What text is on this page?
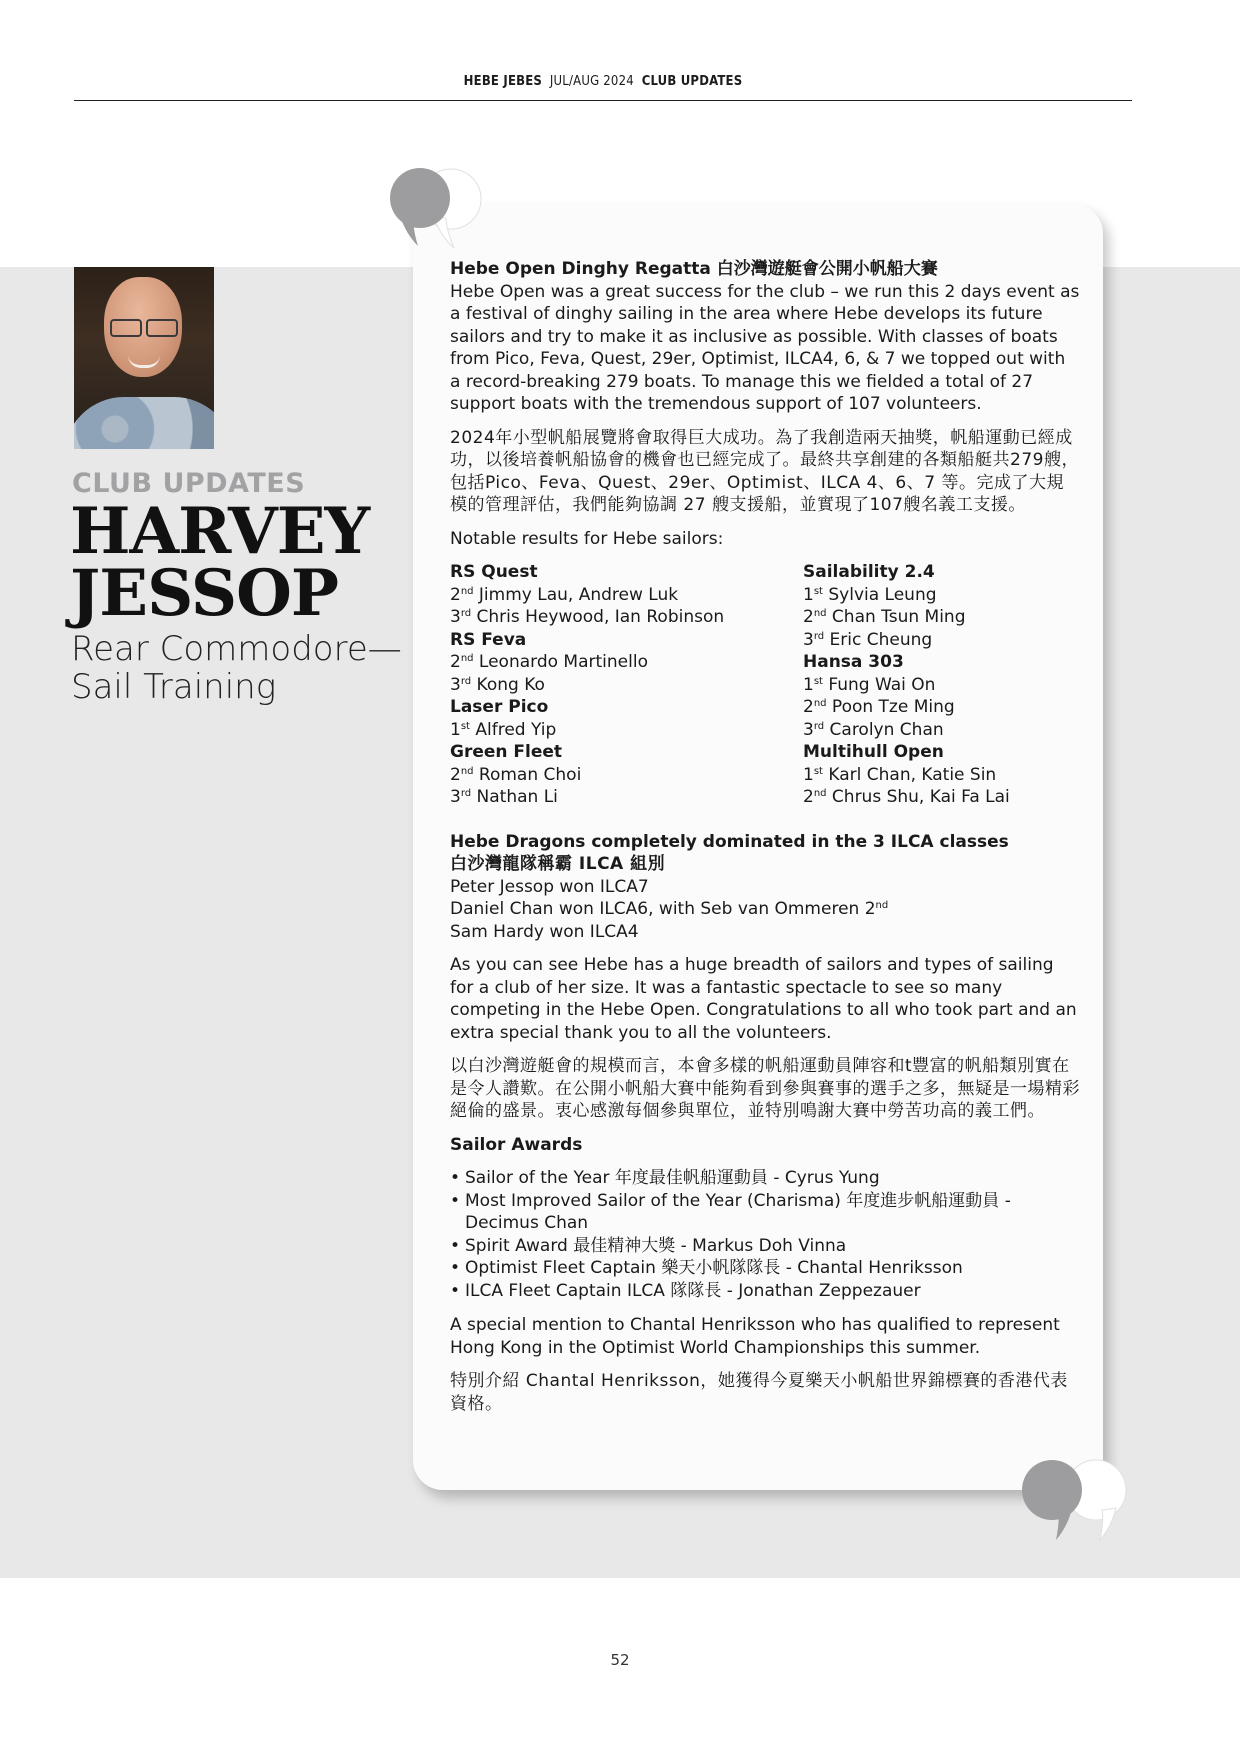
HEBE JEBES JUL/AUG 2024 CLUB UPDATES
CLUB UPDATES
HARVEY
JESSOP
Rear Commodore—
Sail Training

Hebe Open Dinghy Regatta 白沙灣遊艇會公開小帆船大賽

Hebe Open was a great success for the club – we run this 2 days event as a festival of dinghy sailing in the area where Hebe develops its future sailors and try to make it as inclusive as possible. With classes of boats from Pico, Feva, Quest, 29er, Optimist, ILCA4, 6, & 7 we topped out with a record-breaking 279 boats. To manage this we fielded a total of 27 support boats with the tremendous support of 107 volunteers.

2024年小型帆船展覽將會取得巨大成功。為了我創造兩天抽獎，帆船運動已經成功，以後培養帆船協會的機會也已經完成了。最終共享創建的各類船艇共279艘，包括Pico、Feva、Quest、29er、Optimist、ILCA 4、6、7 等。完成了大規模的管理評估，我們能夠協調 27 艘支援船，並實現了107艘名義工支援。

Notable results for Hebe sailors:

RS Quest
2nd Jimmy Lau, Andrew Luk
3rd Chris Heywood, Ian Robinson
RS Feva
2nd Leonardo Martinello
3rd Kong Ko
Laser Pico
1st Alfred Yip
Green Fleet
2nd Roman Choi
3rd Nathan Li
Sailability 2.4
1st Sylvia Leung
2nd Chan Tsun Ming
3rd Eric Cheung
Hansa 303
1st Fung Wai On
2nd Poon Tze Ming
3rd Carolyn Chan
Multihull Open
1st Karl Chan, Katie Sin
2nd Chrus Shu, Kai Fa Lai

Hebe Dragons completely dominated in the 3 ILCA classes
白沙灣龍隊稱霸 ILCA 組別
Peter Jessop won ILCA7
Daniel Chan won ILCA6, with Seb van Ommeren 2nd
Sam Hardy won ILCA4

As you can see Hebe has a huge breadth of sailors and types of sailing for a club of her size. It was a fantastic spectacle to see so many competing in the Hebe Open. Congratulations to all who took part and an extra special thank you to all the volunteers.

以白沙灣遊艇會的規模而言，本會多樣的帆船運動員陣容和t豐富的帆船類別實在是令人讚歎。在公開小帆船大賽中能夠看到參與賽事的選手之多，無疑是一場精彩絕倫的盛景。衷心感激每個參與單位，並特別鳴謝大賽中勞苦功高的義工們。

Sailor Awards

• Sailor of the Year 年度最佳帆船運動員 - Cyrus Yung
• Most Improved Sailor of the Year (Charisma) 年度進步帆船運動員 - Decimus Chan
• Spirit Award 最佳精神大獎 - Markus Doh Vinna
• Optimist Fleet Captain 樂天小帆隊隊長 - Chantal Henriksson
• ILCA Fleet Captain ILCA 隊隊長 - Jonathan Zeppezauer

A special mention to Chantal Henriksson who has qualified to represent Hong Kong in the Optimist World Championships this summer.

特別介紹 Chantal Henriksson，她獲得今夏樂天小帆船世界錦標賽的香港代表資格。

52
